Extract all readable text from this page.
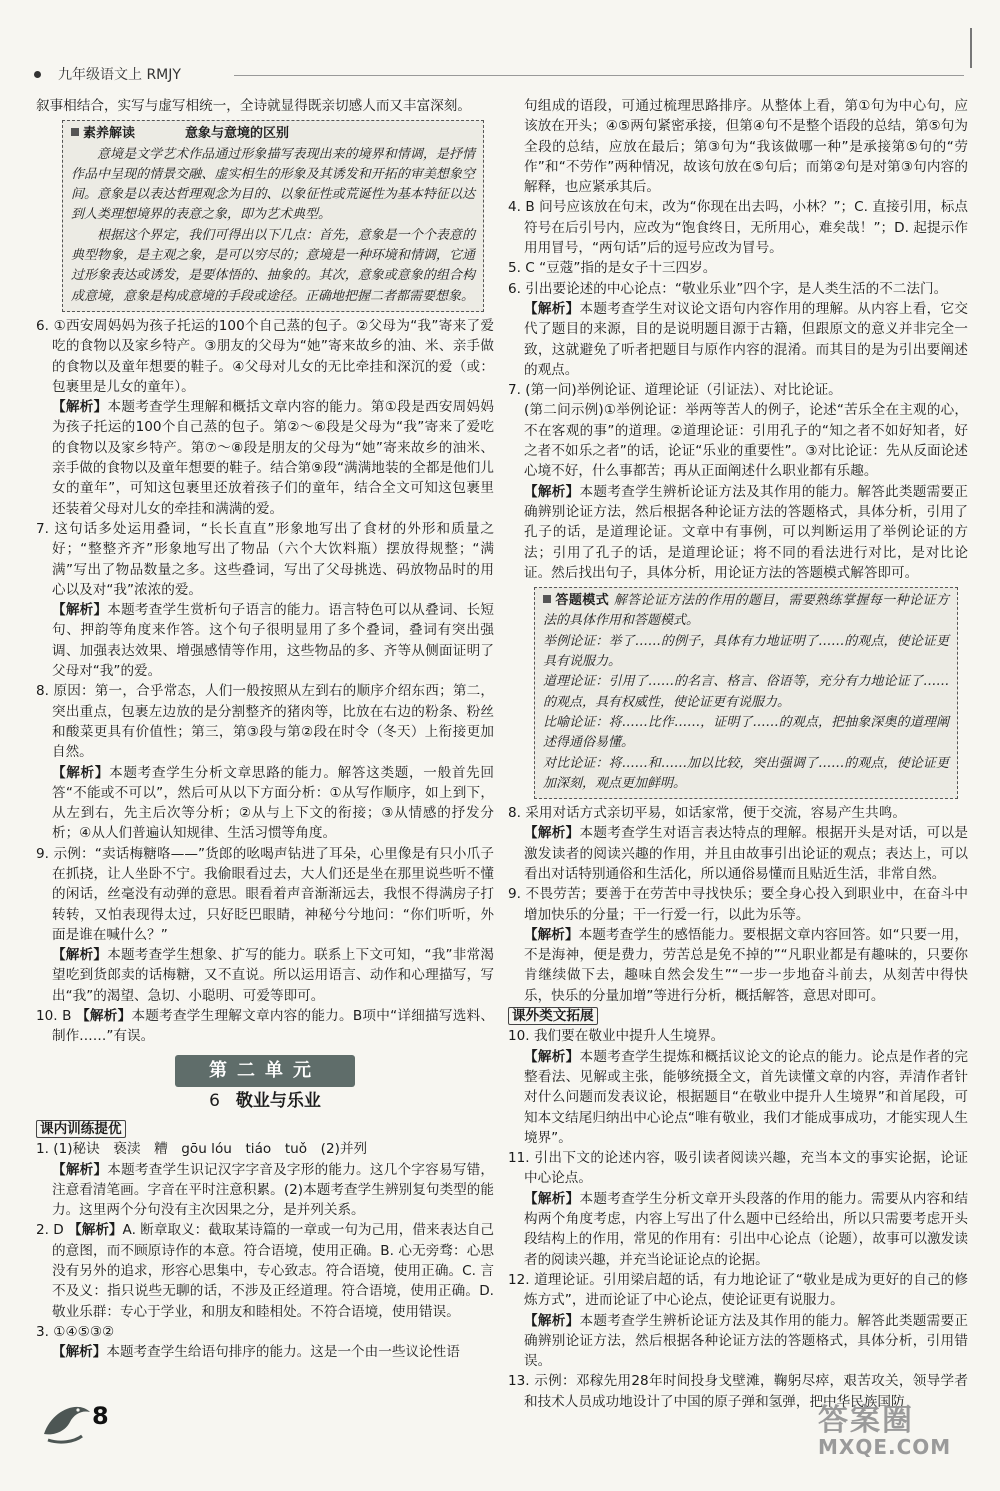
九年级语文上 RMJY

叙事相结合，实写与虚写相统一，全诗就显得既亲切感人而又丰富深刻。

素养解读	意象与意境的区别

意境是文学艺术作品通过形象描写表现出来的境界和情调，是抒情作品中呈现的情景交融、虚实相生的形象及其诱发和开拓的审美想象空间。意象是以表达哲理观念为目的、以象征性或荒诞性为基本特征以达到人类理想境界的表意之象，即为艺术典型。

根据这个界定，我们可得出以下几点：首先，意象是一个个表意的典型物象，是主观之象，是可以穷尽的；意境是一种环境和情调，它通过形象表达或诱发，是要体悟的、抽象的。其次，意象或意象的组合构成意境，意象是构成意境的手段或途径。正确地把握二者都需要想象。

6. ①西安周妈妈为孩子托运的100个自己蒸的包子。②父母为“我”寄来了爱吃的食物以及家乡特产。③朋友的父母为“她”寄来故乡的油、米、亲手做的食物以及童年想要的鞋子。④父母对儿女的无比牵挂和深沉的爱（或：包裹里是儿女的童年）。

【解析】本题考查学生理解和概括文章内容的能力。第①段是西安周妈妈为孩子托运的100个自己蒸的包子。第②～⑥段是父母为“我”寄来了爱吃的食物以及家乡特产。第⑦～⑧段是朋友的父母为“她”寄来故乡的油米、亲手做的食物以及童年想要的鞋子。结合第⑨段“满满地装的全都是他们儿女的童年”，可知这包裹里还放着孩子们的童年，结合全文可知这包裹里还装着父母对儿女的牵挂和满满的爱。

7. 这句话多处运用叠词，“长长直直”形象地写出了食材的外形和质量之好；“整整齐齐”形象地写出了物品（六个大饮料瓶）摆放得规整；“满满”写出了物品数量之多。这些叠词，写出了父母挑选、码放物品时的用心以及对“我”浓浓的爱。

【解析】本题考查学生赏析句子语言的能力。语言特色可以从叠词、长短句、押韵等角度来作答。这个句子很明显用了多个叠词，叠词有突出强调、加强表达效果、增强感情等作用，这些物品的多、齐等从侧面证明了父母对“我”的爱。

8. 原因：第一，合乎常态，人们一般按照从左到右的顺序介绍东西；第二，突出重点，包裹左边放的是分割整齐的猪肉等，比放在右边的粉条、粉丝和酸菜更具有价值性；第三，第③段与第②段在时令（冬天）上衔接更加自然。

【解析】本题考查学生分析文章思路的能力。解答这类题，一般首先回答“不能或不可以”，然后可从以下方面分析：①从写作顺序，如上到下，从左到右，先主后次等分析；②从与上下文的衔接；③从情感的抒发分析；④从人们普遍认知规律、生活习惯等角度。

9. 示例：“卖话梅糖咯——”货郎的吆喝声钻进了耳朵，心里像是有只小爪子在抓挠，让人坐卧不宁。我偷眼看过去，大人们还是坐在那里说些听不懂的闲话，丝毫没有动弹的意思。眼看着声音渐渐远去，我恨不得满房子打转转，又怕表现得太过，只好眨巴眼睛，神秘兮兮地问：“你们听听，外面是谁在喊什么？”

【解析】本题考查学生想象、扩写的能力。联系上下文可知，“我”非常渴望吃到货郎卖的话梅糖，又不直说。所以运用语言、动作和心理描写，写出“我”的渴望、急切、小聪明、可爱等即可。

10. B 【解析】本题考查学生理解文章内容的能力。B项中“详细描写选料、制作……”有误。

第二单元
6 敬业与乐业

课内训练提优

1. (1)秘诀　亵渎　糟　gōu lóu　tiáo　tuǒ　(2)并列

【解析】本题考查学生识记汉字字音及字形的能力。这几个字容易写错，注意看清笔画。字音在平时注意积累。(2)本题考查学生辨别复句类型的能力。这里两个分句没有主次因果之分，是并列关系。

2. D 【解析】A. 断章取义：截取某诗篇的一章或一句为己用，借来表达自己的意图，而不顾原诗作的本意。符合语境，使用正确。B. 心无旁骛：心思没有另外的追求，形容心思集中，专心致志。符合语境，使用正确。C. 言不及义：指只说些无聊的话，不涉及正经道理。符合语境，使用正确。D. 敬业乐群：专心于学业，和朋友和睦相处。不符合语境，使用错误。

3. ①④⑤③②

【解析】本题考查学生给语句排序的能力。这是一个由一些议论性语

句组成的语段，可通过梳理思路排序。从整体上看，第①句为中心句，应该放在开头；④⑤两句紧密承接，但第④句不是整个语段的总结，第⑤句为全段的总结，应放在最后；第③句为“我该做哪一种”是承接第⑤句的“劳作”和“不劳作”两种情况，故该句放在⑤句后；而第②句是对第③句内容的解释，也应紧承其后。

4. B 问号应该放在句末，改为“你现在出去吗，小林？”；C. 直接引用，标点符号在后引号内，应改为“饱食终日，无所用心，难矣哉！”；D. 起提示作用用冒号，“两句话”后的逗号应改为冒号。

5. C “豆蔻”指的是女子十三四岁。

6. 引出要论述的中心论点：“敬业乐业”四个字，是人类生活的不二法门。

【解析】本题考查学生对议论文语句内容作用的理解。从内容上看，它交代了题目的来源，目的是说明题目源于古籍，但跟原文的意义并非完全一致，这就避免了听者把题目与原作内容的混淆。而其目的是为引出要阐述的观点。

7. (第一问)举例论证、道理论证（引证法）、对比论证。

(第二问示例)①举例论证：举两等苦人的例子，论述“苦乐全在主观的心，不在客观的事”的道理。②道理论证：引用孔子的“知之者不如好知者，好之者不如乐之者”的话，论证“乐业的重要性”。③对比论证：先从反面论述心境不好，什么事都苦；再从正面阐述什么职业都有乐趣。

【解析】本题考查学生辨析论证方法及其作用的能力。解答此类题需要正确辨别论证方法，然后根据各种论证方法的答题格式，具体分析，引用了孔子的话，是道理论证。文章中有事例，可以判断运用了举例论证的方法；引用了孔子的话，是道理论证；将不同的看法进行对比，是对比论证。然后找出句子，具体分析，用论证方法的答题模式解答即可。

答题模式 解答论证方法的作用的题目，需要熟练掌握每一种论证方法的具体作用和答题模式。

举例论证：举了……的例子，具体有力地证明了……的观点，使论证更具有说服力。

道理论证：引用了……的名言、格言、俗语等，充分有力地论证了……的观点，具有权威性，使论证更有说服力。

比喻论证：将……比作……，证明了……的观点，把抽象深奥的道理阐述得通俗易懂。

对比论证：将……和……加以比较，突出强调了……的观点，使论证更加深刻，观点更加鲜明。

8. 采用对话方式亲切平易，如话家常，便于交流，容易产生共鸣。

【解析】本题考查学生对语言表达特点的理解。根据开头是对话，可以是激发读者的阅读兴趣的作用，并且由故事引出论证的观点；表达上，可以看出对话特别通俗和生活化，所以通俗易懂而且贴近生活，非常自然。

9. 不畏劳苦；要善于在劳苦中寻找快乐；要全身心投入到职业中，在奋斗中增加快乐的分量；干一行爱一行，以此为乐等。

【解析】本题考查学生的感悟能力。要根据文章内容回答。如“只要一用，不是海神，便是费力，劳苦总是免不掉的”“凡职业都是有趣味的，只要你肯继续做下去，趣味自然会发生”“一步一步地奋斗前去，从刻苦中得快乐，快乐的分量加增”等进行分析，概括解答，意思对即可。

课外类文拓展

10. 我们要在敬业中提升人生境界。

【解析】本题考查学生提炼和概括议论文的论点的能力。论点是作者的完整看法、见解或主张，能够统摄全文，首先读懂文章的内容，弄清作者针对什么问题而发表议论，根据题目“在敬业中提升人生境界”和首尾段，可知本文结尾归纳出中心论点“唯有敬业，我们才能成事成功，才能实现人生境界”。

11. 引出下文的论述内容，吸引读者阅读兴趣，充当本文的事实论据，论证中心论点。

【解析】本题考查学生分析文章开头段落的作用的能力。需要从内容和结构两个角度考虑，内容上写出了什么题中已经给出，所以只需要考虑开头段结构上的作用，常见的作用有：引出中心论点（论题），故事可以激发读者的阅读兴趣，并充当论证论点的论据。

12. 道理论证。引用梁启超的话，有力地论证了“敬业是成为更好的自己的修炼方式”，进而论证了中心论点，使论证更有说服力。

【解析】本题考查学生辨析论证方法及其作用的能力。解答此类题需要正确辨别论证方法，然后根据各种论证方法的答题格式，具体分析，引用错误。

13. 示例：邓稼先用28年时间投身戈壁滩，鞠躬尽瘁，艰苦攻关，领导学者和技术人员成功地设计了中国的原子弹和氢弹，把中华民族国防

8	答案圈
MXQE.COM
